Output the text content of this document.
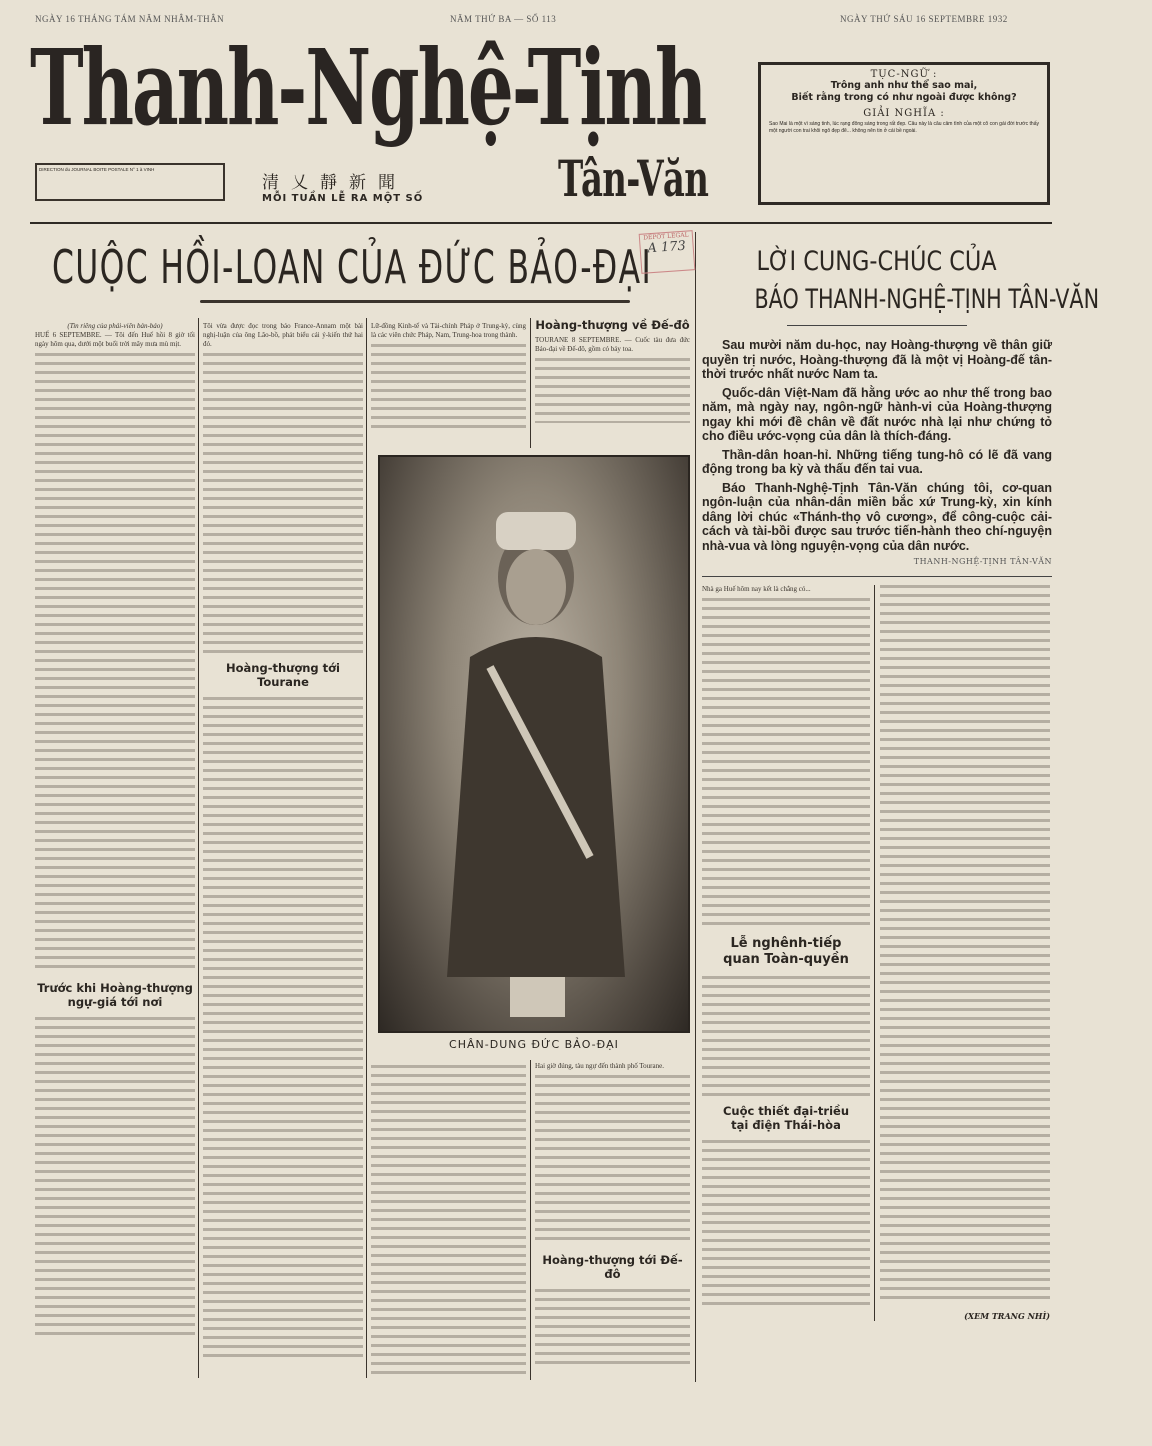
NGÀY 16 THÁNG TÁM NĂM NHÂM-THÂN	NĂM THỨ BA — SỐ 113	NGÀY THỨ SÁU 16 SEPTEMBRE 1932
Thanh-Nghệ-Tịnh
DIRECTION du JOURNAL BOITE POSTALE N° 1 à VINH
清乂靜新聞
MỖI TUẦN LỄ RA MỘT SỐ	Tân-Văn
TỤC-NGỮ :
Trông anh như thể sao mai,
Biết rằng trong có như ngoài được không?
GIẢI NGHĨA :
Sao Mai là một vì sáng tinh, lúc rạng đông sáng trong rất đẹp. Câu này là câu cảm tình của một cô con gái đời trước thấy một người con trai khôi ngô đẹp đẽ... không nên tin ở cái bề ngoài.
CUỘC HỒI-LOAN CỦA ĐỨC BẢO-ĐẠI
DÉPÔT LÉGAL
A 173	LỜI CUNG-CHÚC CỦA
BÁO THANH-NGHỆ-TỊNH TÂN-VĂN

Sau mười năm du-học, nay Hoàng-thượng về thân giữ quyền trị nước, Hoàng-thượng đã là một vị Hoàng-đế tân-thời trước nhất nước Nam ta.

Quốc-dân Việt-Nam đã hằng ước ao như thế trong bao năm, mà ngày nay, ngôn-ngữ hành-vi của Hoàng-thượng ngay khi mới đề chân về đất nước nhà lại như chứng tỏ cho điều ước-vọng của dân là thích-đáng.

Thần-dân hoan-hỉ. Những tiếng tung-hô có lẽ đã vang động trong ba kỳ và thấu đến tai vua.

Báo Thanh-Nghệ-Tịnh Tân-Văn chúng tôi, cơ-quan ngôn-luận của nhân-dân miền bắc xứ Trung-kỳ, xin kính dâng lời chúc «Thánh-thọ vô cương», để công-cuộc cải-cách và tài-bồi được sau trước tiến-hành theo chí-nguyện nhà-vua và lòng nguyện-vọng của dân nước.

THANH-NGHỆ-TỊNH TÂN-VĂN
Nhà ga Huế hôm nay kết là chẳng có...
Lễ nghênh-tiếp
quan Toàn-quyền
Cuộc thiết đại-triều
tại điện Thái-hòa
(XEM TRANG NHÌ)
(Tin riêng của phái-viên bản-báo)
HUẾ 6 SEPTEMBRE. — Tôi đến Huế hồi 8 giờ tối ngày hôm qua, dưới một buổi trời mây mưa mù mịt.
Trước khi Hoàng-thượng
ngự-giá tới nơi
Tôi vừa được đọc trong báo France-Annam một bài nghị-luận của ông Lâo-bồ, phát biểu cái ý-kiến thứ hai đó.
Hoàng-thượng tới Tourane
Lữ-đồng Kinh-tế và Tài-chính Pháp ở Trung-kỳ, cùng là các viên chức Pháp, Nam, Trung-hoa trong thành.
Hoàng-thượng về Đế-đô
TOURANE 8 SEPTEMBRE. — Cuốc tàu đưa đức Bảo-đại về Đế-đô, gồm có bảy toa.
CHÂN-DUNG ĐỨC BẢO-ĐẠI
Hai giờ đúng, tàu ngự đến thành phố Tourane.
Hoàng-thượng tới Đế-đô
